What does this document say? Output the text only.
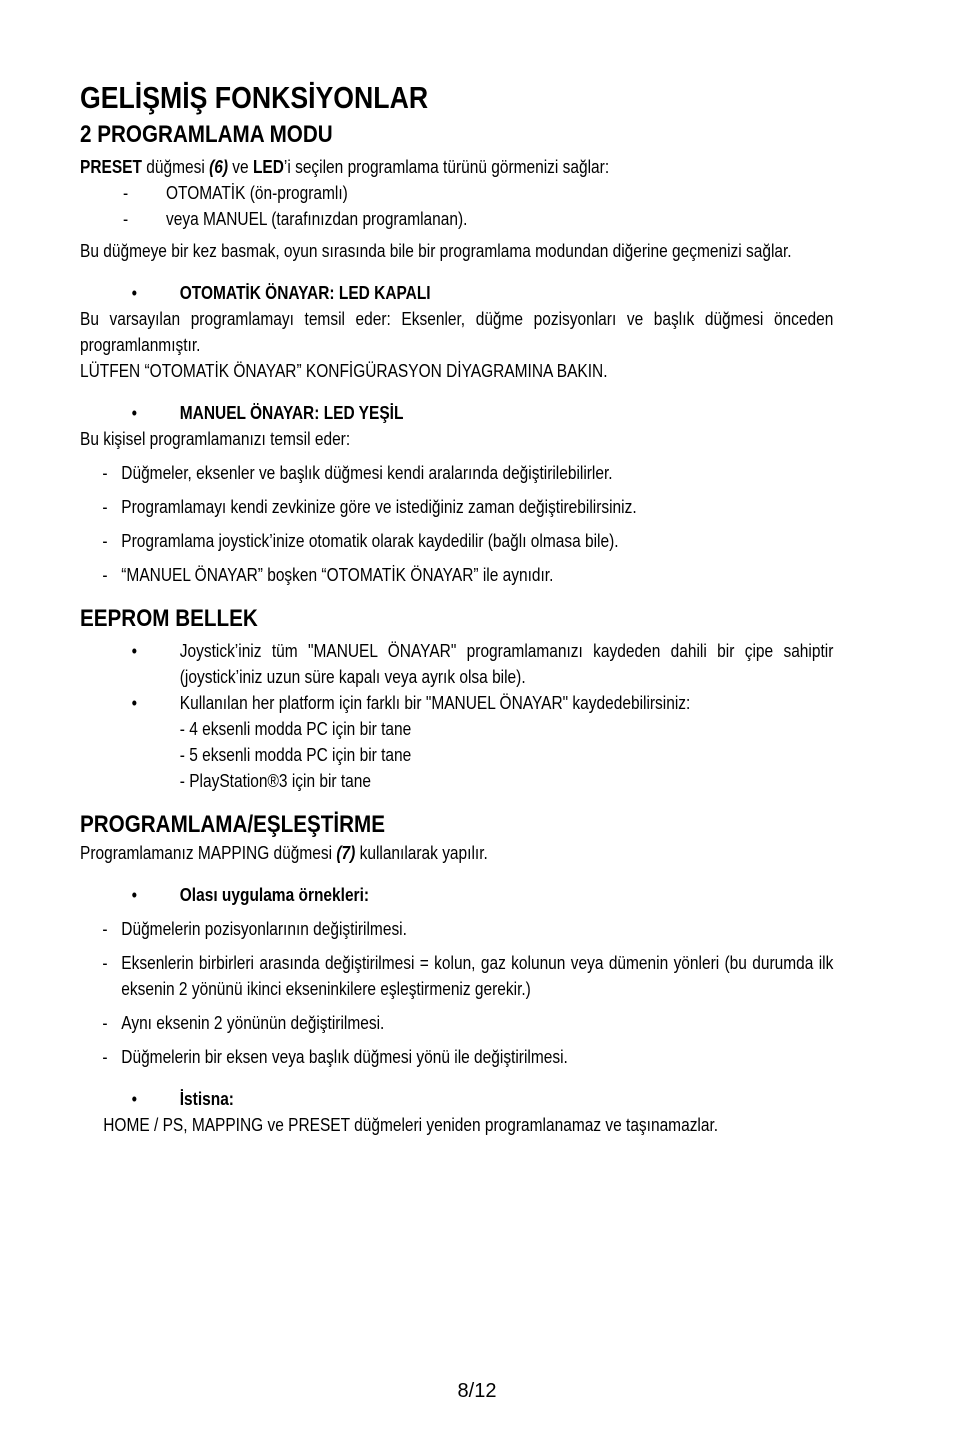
GELİŞMİŞ FONKSİYONLAR
2 PROGRAMLAMA MODU

PRESET düğmesi (6) ve LED’i seçilen programlama türünü görmenizi sağlar:

- OTOMATİK (ön-programlı)
- veya MANUEL (tarafınızdan programlanan).

Bu düğmeye bir kez basmak, oyun sırasında bile bir programlama modundan diğerine geçmenizi sağlar.

• OTOMATİK ÖNAYAR: LED KAPALI

Bu varsayılan programlamayı temsil eder: Eksenler, düğme pozisyonları ve başlık düğmesi önceden programlanmıştır.

LÜTFEN “OTOMATİK ÖNAYAR” KONFİGÜRASYON DİYAGRAMINA BAKIN.

• MANUEL ÖNAYAR: LED YEŞİL

Bu kişisel programlamanızı temsil eder:

- Düğmeler, eksenler ve başlık düğmesi kendi aralarında değiştirilebilirler.
- Programlamayı kendi zevkinize göre ve istediğiniz zaman değiştirebilirsiniz.
- Programlama joystick’inize otomatik olarak kaydedilir (bağlı olmasa bile).
- “MANUEL ÖNAYAR” boşken “OTOMATİK ÖNAYAR” ile aynıdır.
EEPROM BELLEK
• Joystick’iniz tüm "MANUEL ÖNAYAR" programlamanızı kaydeden dahili bir çipe sahiptir (joystick’iniz uzun süre kapalı veya ayrık olsa bile).
• Kullanılan her platform için farklı bir "MANUEL ÖNAYAR" kaydedebilirsiniz:
- 4 eksenli modda PC için bir tane
- 5 eksenli modda PC için bir tane
- PlayStation®3 için bir tane
PROGRAMLAMA/EŞLEŞTİRME

Programlamanız MAPPING düğmesi (7) kullanılarak yapılır.

• Olası uygulama örnekleri:
- Düğmelerin pozisyonlarının değiştirilmesi.
- Eksenlerin birbirleri arasında değiştirilmesi = kolun, gaz kolunun veya dümenin yönleri (bu durumda ilk eksenin 2 yönünü ikinci ekseninkilere eşleştirmeniz gerekir.)
- Aynı eksenin 2 yönünün değiştirilmesi.
- Düğmelerin bir eksen veya başlık düğmesi yönü ile değiştirilmesi.
• İstisna:

HOME / PS, MAPPING ve PRESET düğmeleri yeniden programlanamaz ve taşınamazlar.

8/12
